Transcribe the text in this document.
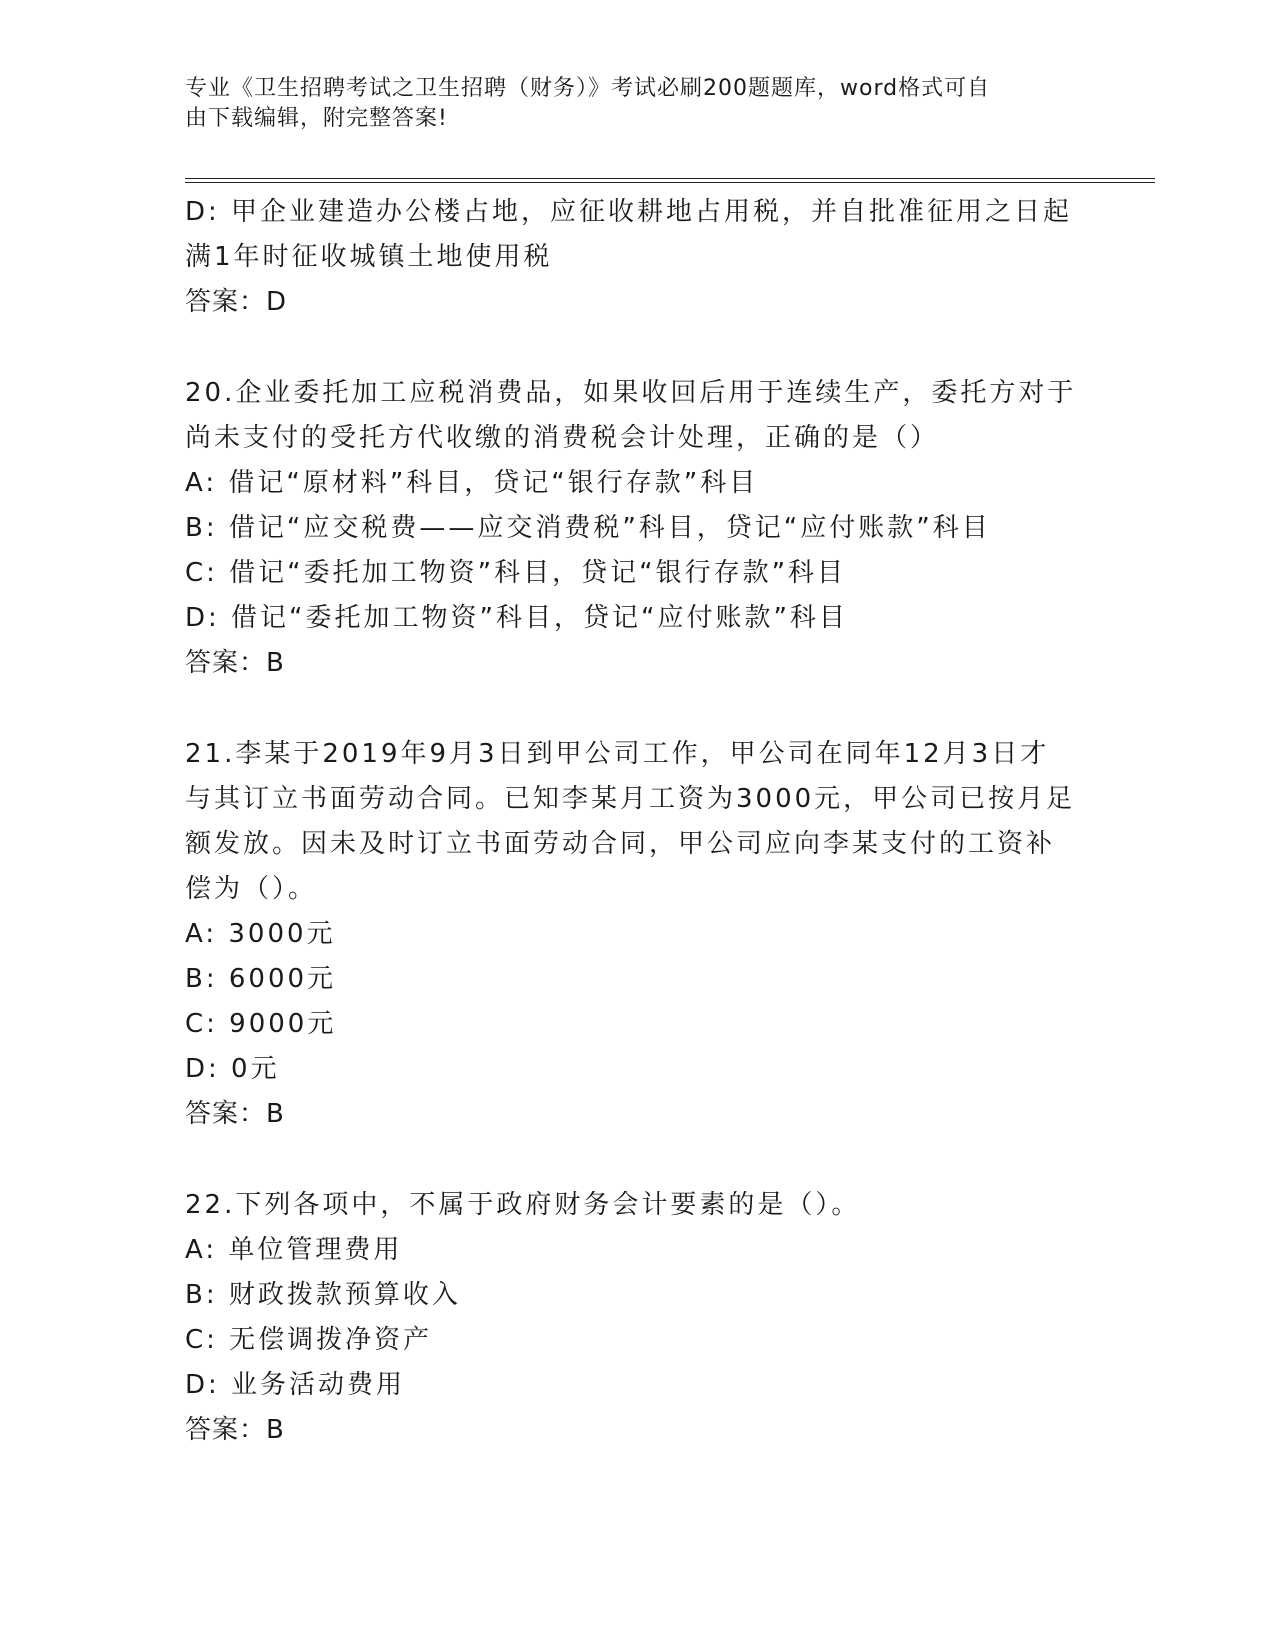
专业《卫生招聘考试之卫生招聘（财务）》考试必刷200题题库，word格式可自
由下载编辑，附完整答案!
D: 甲企业建造办公楼占地，应征收耕地占用税，并自批准征用之日起
满1年时征收城镇土地使用税
答案：D
20.企业委托加工应税消费品，如果收回后用于连续生产，委托方对于
尚未支付的受托方代收缴的消费税会计处理，正确的是（）
A: 借记“原材料”科目，贷记“银行存款”科目
B: 借记“应交税费——应交消费税”科目，贷记“应付账款”科目
C: 借记“委托加工物资”科目，贷记“银行存款”科目
D: 借记“委托加工物资”科目，贷记“应付账款”科目
答案：B
21.李某于2019年9月3日到甲公司工作，甲公司在同年12月3日才
与其订立书面劳动合同。已知李某月工资为3000元，甲公司已按月足
额发放。因未及时订立书面劳动合同，甲公司应向李某支付的工资补
偿为（）。
A: 3000元
B: 6000元
C: 9000元
D: 0元
答案：B
22.下列各项中，不属于政府财务会计要素的是（）。
A: 单位管理费用
B: 财政拨款预算收入
C: 无偿调拨净资产
D: 业务活动费用
答案：B
